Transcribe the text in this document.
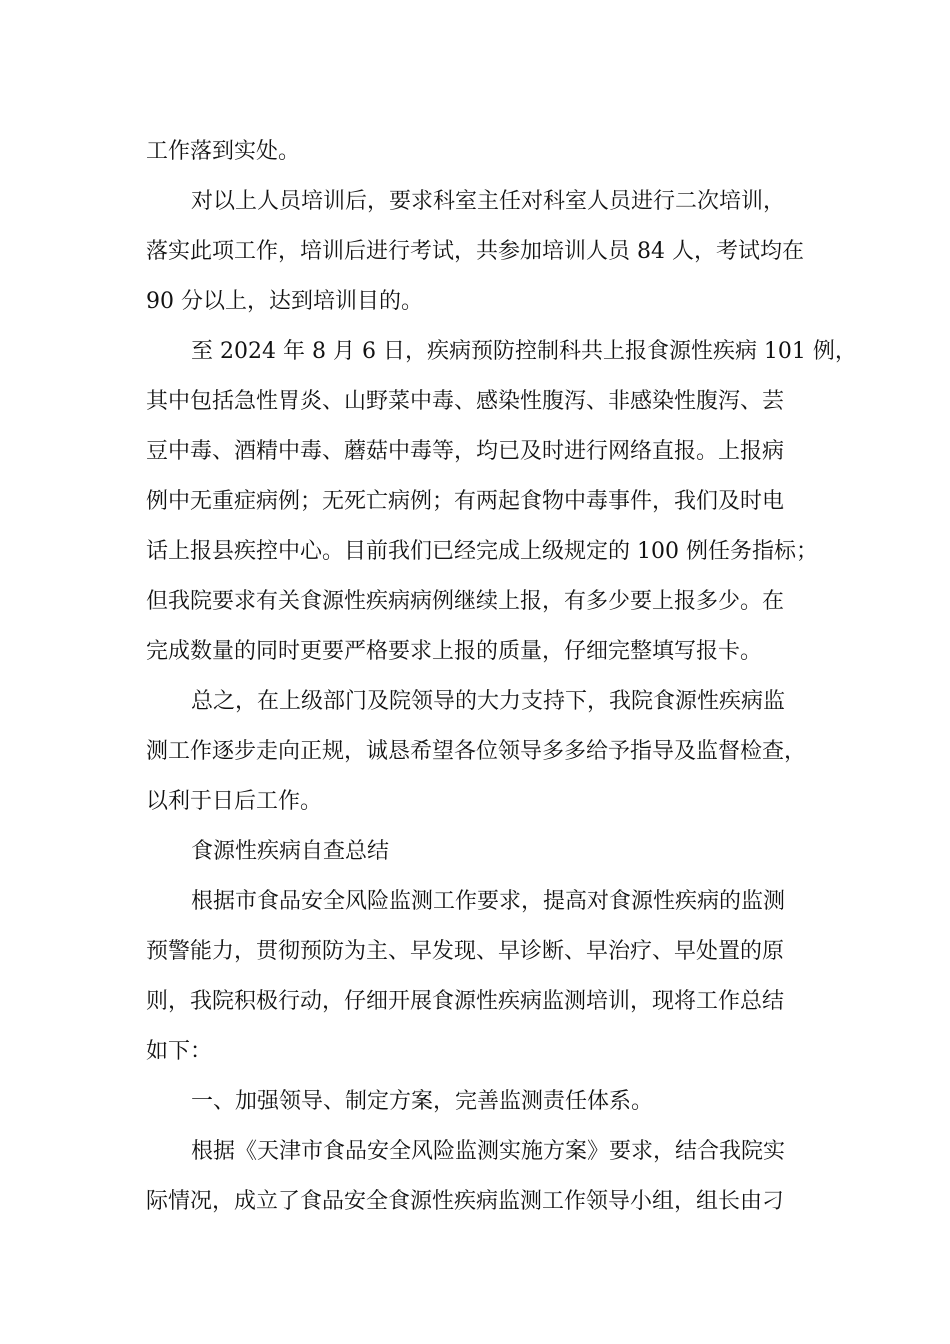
工作落到实处。
对以上人员培训后，要求科室主任对科室人员进行二次培训，
落实此项工作，培训后进行考试，共参加培训人员 84 人，考试均在
90 分以上，达到培训目的。
至 2024 年 8 月 6 日，疾病预防控制科共上报食源性疾病 101 例，
其中包括急性胃炎、山野菜中毒、感染性腹泻、非感染性腹泻、芸
豆中毒、酒精中毒、蘑菇中毒等，均已及时进行网络直报。上报病
例中无重症病例；无死亡病例；有两起食物中毒事件，我们及时电
话上报县疾控中心。目前我们已经完成上级规定的 100 例任务指标；
但我院要求有关食源性疾病病例继续上报，有多少要上报多少。在
完成数量的同时更要严格要求上报的质量，仔细完整填写报卡。
总之，在上级部门及院领导的大力支持下，我院食源性疾病监
测工作逐步走向正规，诚恳希望各位领导多多给予指导及监督检查，
以利于日后工作。
食源性疾病自查总结
根据市食品安全风险监测工作要求，提高对食源性疾病的监测
预警能力，贯彻预防为主、早发现、早诊断、早治疗、早处置的原
则，我院积极行动，仔细开展食源性疾病监测培训，现将工作总结
如下：
一、加强领导、制定方案，完善监测责任体系。
根据《天津市食品安全风险监测实施方案》要求，结合我院实
际情况，成立了食品安全食源性疾病监测工作领导小组，组长由刁
